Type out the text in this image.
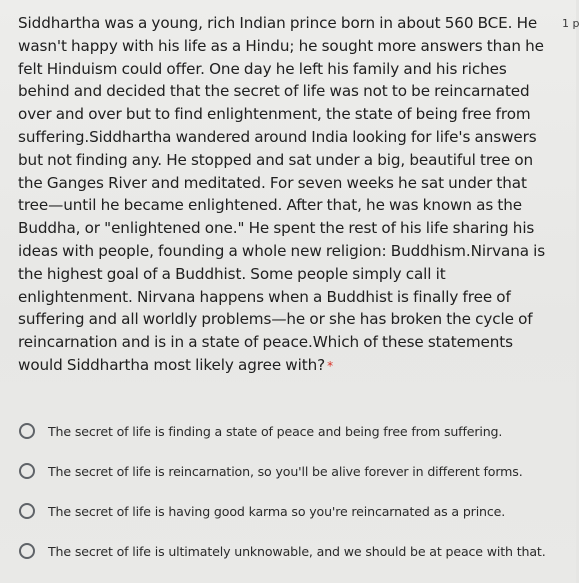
Siddhartha was a young, rich Indian prince born in about 560 BCE. He wasn't happy with his life as a Hindu; he sought more answers than he felt Hinduism could offer. One day he left his family and his riches behind and decided that the secret of life was not to be reincarnated over and over but to find enlightenment, the state of being free from suffering.Siddhartha wandered around India looking for life's answers but not finding any. He stopped and sat under a big, beautiful tree on the Ganges River and meditated. For seven weeks he sat under that tree—until he became enlightened. After that, he was known as the Buddha, or "enlightened one." He spent the rest of his life sharing his ideas with people, founding a whole new religion: Buddhism.Nirvana is the highest goal of a Buddhist. Some people simply call it enlightenment. Nirvana happens when a Buddhist is finally free of suffering and all worldly problems—he or she has broken the cycle of reincarnation and is in a state of peace.Which of these statements would Siddhartha most likely agree with? *
1 p
The secret of life is finding a state of peace and being free from suffering.
The secret of life is reincarnation, so you'll be alive forever in different forms.
The secret of life is having good karma so you're reincarnated as a prince.
The secret of life is ultimately unknowable, and we should be at peace with that.
